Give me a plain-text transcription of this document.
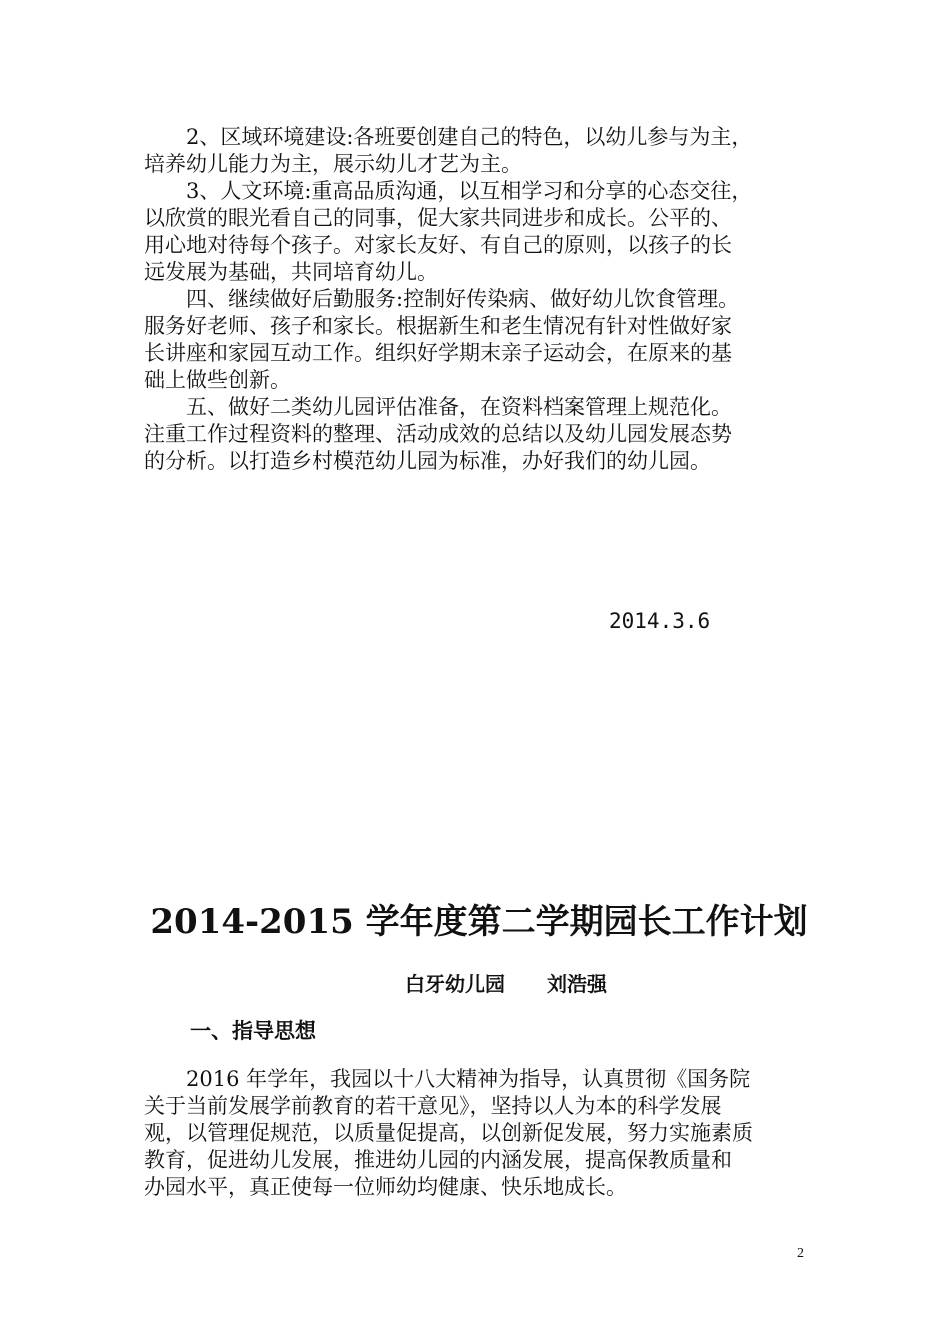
2、区域环境建设:各班要创建自己的特色，以幼儿参与为主，
培养幼儿能力为主，展示幼儿才艺为主。
3、人文环境:重高品质沟通，以互相学习和分享的心态交往，
以欣赏的眼光看自己的同事，促大家共同进步和成长。公平的、
用心地对待每个孩子。对家长友好、有自己的原则，以孩子的长
远发展为基础，共同培育幼儿。
四、继续做好后勤服务:控制好传染病、做好幼儿饮食管理。
服务好老师、孩子和家长。根据新生和老生情况有针对性做好家
长讲座和家园互动工作。组织好学期末亲子运动会，在原来的基
础上做些创新。
五、做好二类幼儿园评估准备，在资料档案管理上规范化。
注重工作过程资料的整理、活动成效的总结以及幼儿园发展态势
的分析。以打造乡村模范幼儿园为标准，办好我们的幼儿园。
2014.3.6
2014-2015 学年度第二学期园长工作计划
白牙幼儿园 刘浩强
一、指导思想
2016 年学年，我园以十八大精神为指导，认真贯彻《国务院
关于当前发展学前教育的若干意见》，坚持以人为本的科学发展
观，以管理促规范，以质量促提高，以创新促发展，努力实施素质
教育，促进幼儿发展，推进幼儿园的内涵发展，提高保教质量和
办园水平，真正使每一位师幼均健康、快乐地成长。
2
